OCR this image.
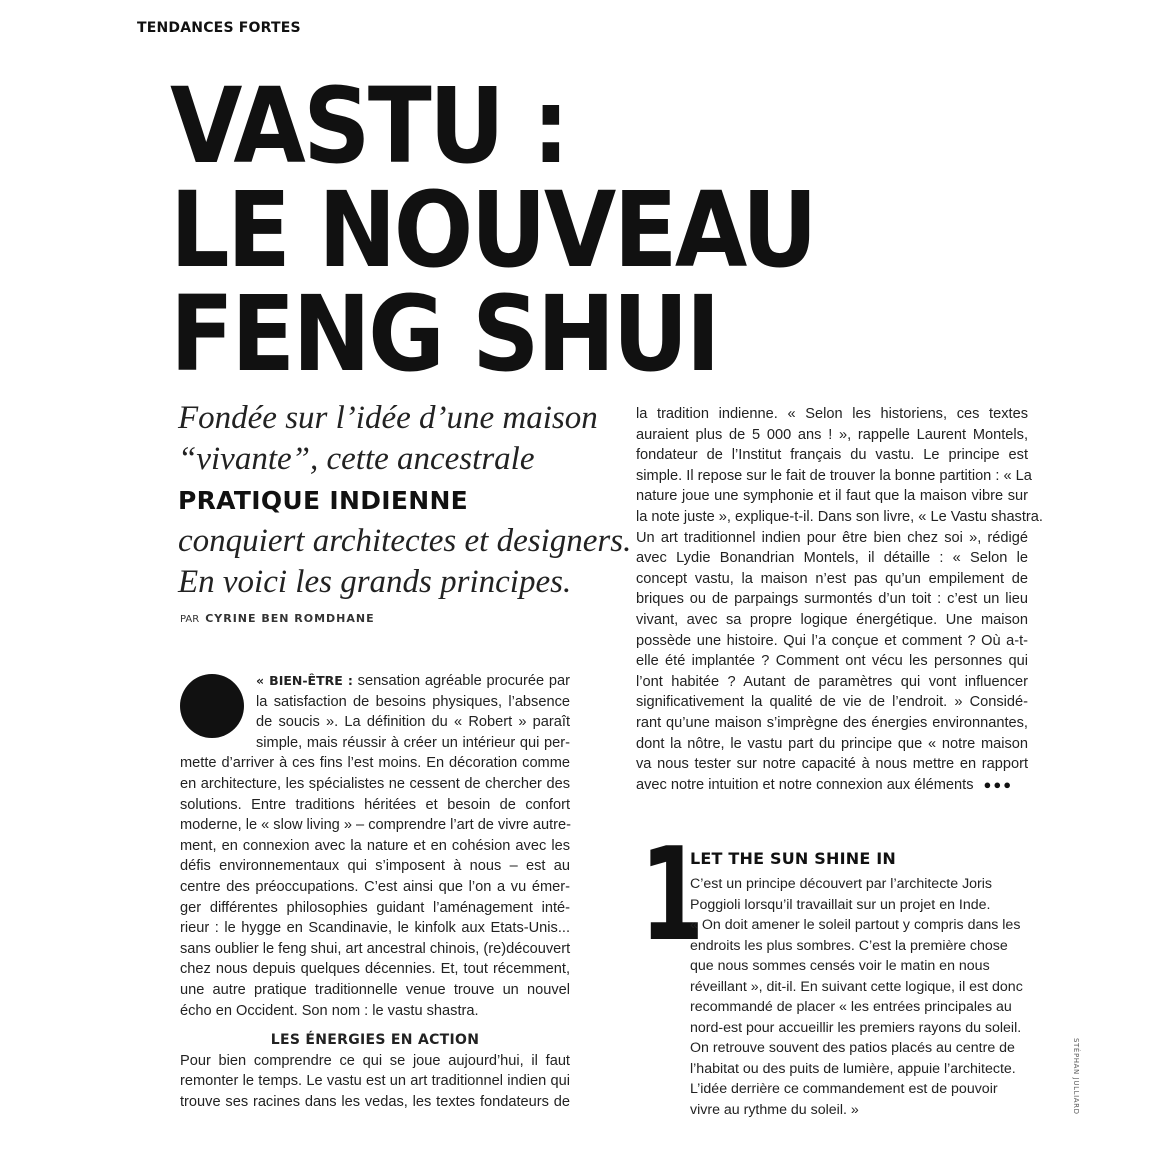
TENDANCES FORTES
VASTU :
LE NOUVEAU
FENG SHUI
Fondée sur l’idée d’une maison
“vivante”, cette ancestrale
PRATIQUE INDIENNE
conquiert architectes et designers.
En voici les grands principes.
PAR CYRINE BEN ROMDHANE
« BIEN-ÊTRE : sensation agréable procurée par
la satisfaction de besoins physiques, l’absence
de soucis ». La définition du « Robert » paraît
simple, mais réussir à créer un intérieur qui per-
mette d’arriver à ces fins l’est moins. En décoration comme
en architecture, les spécialistes ne cessent de chercher des
solutions. Entre traditions héritées et besoin de confort
moderne, le « slow living » – comprendre l’art de vivre autre-
ment, en connexion avec la nature et en cohésion avec les
défis environnementaux qui s’imposent à nous – est au
centre des préoccupations. C’est ainsi que l’on a vu émer-
ger différentes philosophies guidant l’aménagement inté-
rieur : le hygge en Scandinavie, le kinfolk aux Etats-Unis...
sans oublier le feng shui, art ancestral chinois, (re)découvert
chez nous depuis quelques décennies. Et, tout récemment,
une autre pratique traditionnelle venue trouve un nouvel
écho en Occident. Son nom : le vastu shastra.
LES ÉNERGIES EN ACTION
Pour bien comprendre ce qui se joue aujourd’hui, il faut
remonter le temps. Le vastu est un art traditionnel indien qui
trouve ses racines dans les vedas, les textes fondateurs de
la tradition indienne. « Selon les historiens, ces textes
auraient plus de 5 000 ans ! », rappelle Laurent Montels,
fondateur de l’Institut français du vastu. Le principe est
simple. Il repose sur le fait de trouver la bonne partition : « La
nature joue une symphonie et il faut que la maison vibre sur
la note juste », explique-t-il. Dans son livre, « Le Vastu shastra.
Un art traditionnel indien pour être bien chez soi », rédigé
avec Lydie Bonandrian Montels, il détaille : « Selon le
concept vastu, la maison n’est pas qu’un empilement de
briques ou de parpaings surmontés d’un toit : c’est un lieu
vivant, avec sa propre logique énergétique. Une maison
possède une histoire. Qui l’a conçue et comment ? Où a-t-
elle été implantée ? Comment ont vécu les personnes qui
l’ont habitée ? Autant de paramètres qui vont influencer
significativement la qualité de vie de l’endroit. » Considé-
rant qu’une maison s’imprègne des énergies environnantes,
dont la nôtre, le vastu part du principe que « notre maison
va nous tester sur notre capacité à nous mettre en rapport
avec notre intuition et notre connexion aux éléments ●●●
1
LET THE SUN SHINE IN
C’est un principe découvert par l’architecte Joris
Poggioli lorsqu’il travaillait sur un projet en Inde.
« On doit amener le soleil partout y compris dans les
endroits les plus sombres. C’est la première chose
que nous sommes censés voir le matin en nous
réveillant », dit-il. En suivant cette logique, il est donc
recommandé de placer « les entrées principales au
nord-est pour accueillir les premiers rayons du soleil.
On retrouve souvent des patios placés au centre de
l’habitat ou des puits de lumière, appuie l’architecte.
L’idée derrière ce commandement est de pouvoir
vivre au rythme du soleil. »	STÉPHAN JULLIARD
